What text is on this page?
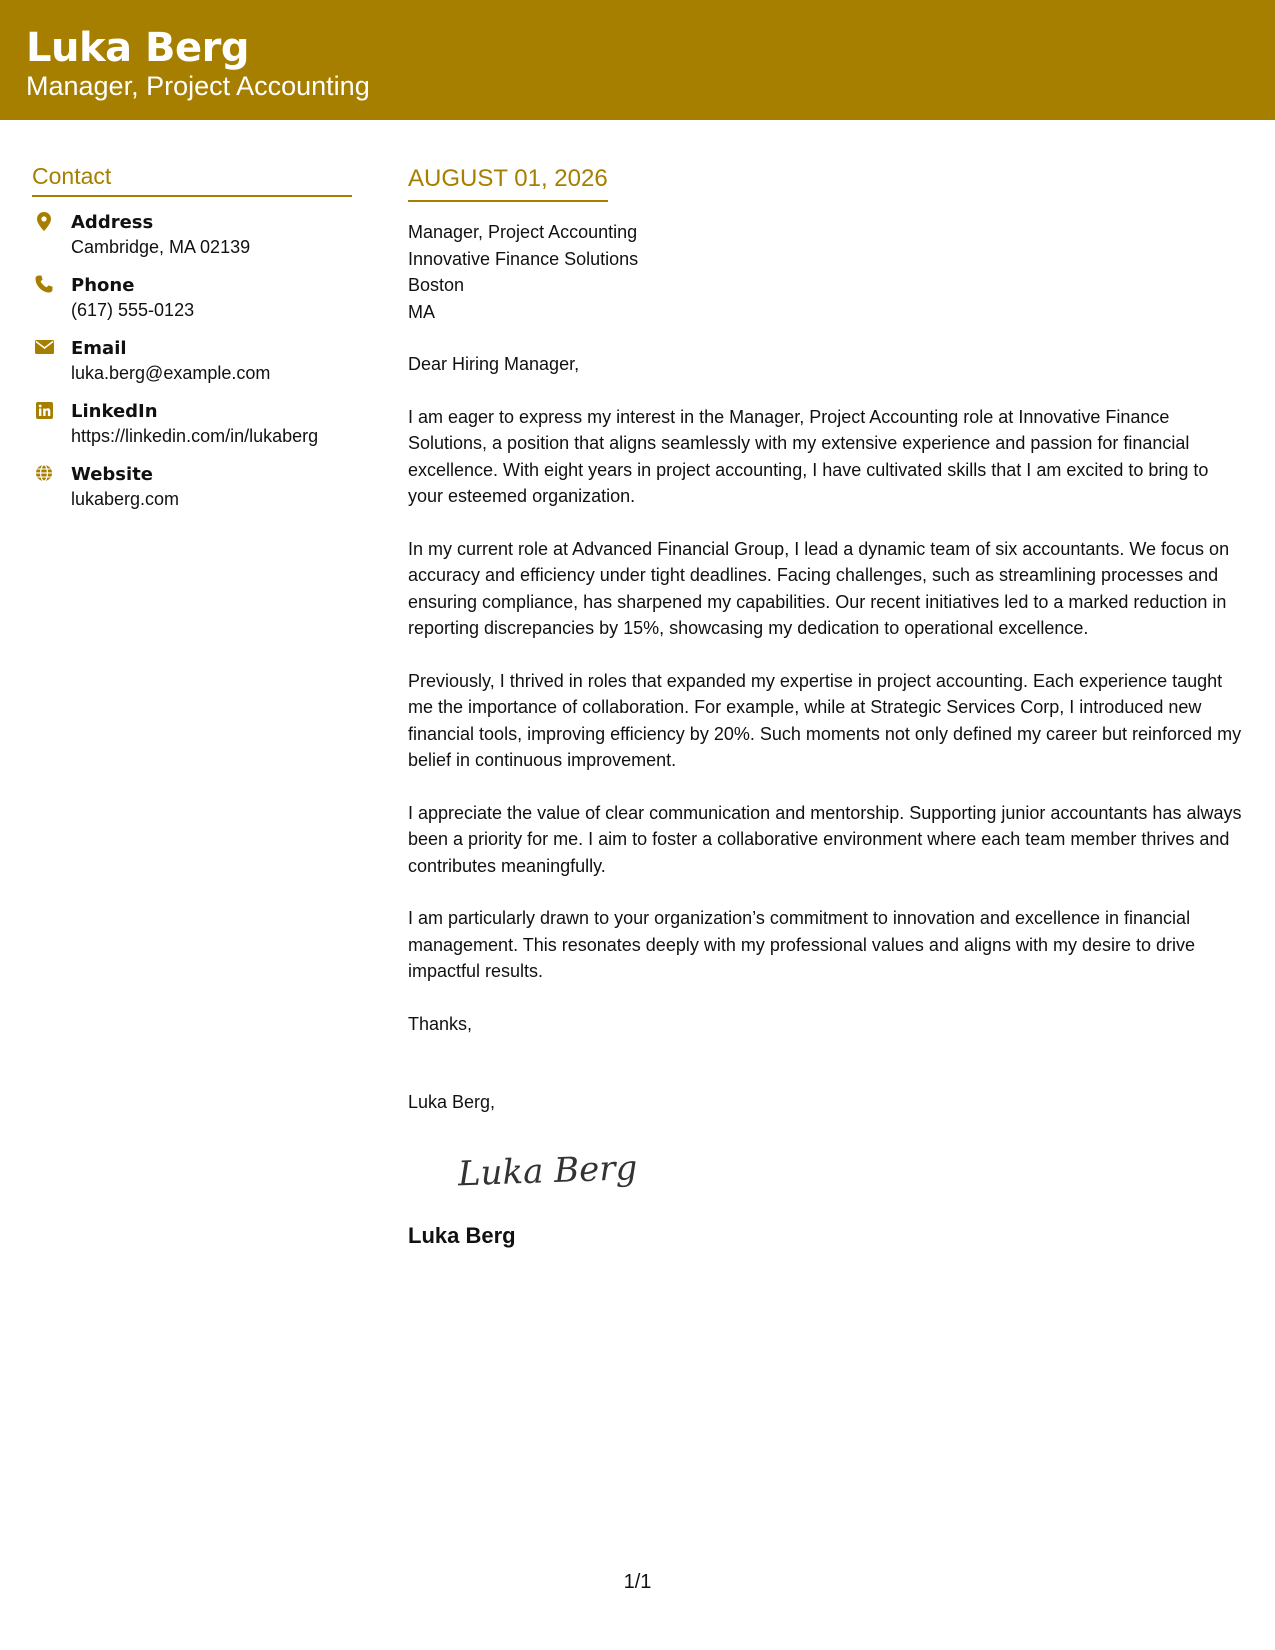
Luka Berg
Manager, Project Accounting
Contact
Address
Cambridge, MA 02139
Phone
(617) 555-0123
Email
luka.berg@example.com
LinkedIn
https://linkedin.com/in/lukaberg
Website
lukaberg.com
AUGUST 01, 2026
Manager, Project Accounting
Innovative Finance Solutions
Boston
MA
Dear Hiring Manager,
I am eager to express my interest in the Manager, Project Accounting role at Innovative Finance Solutions, a position that aligns seamlessly with my extensive experience and passion for financial excellence. With eight years in project accounting, I have cultivated skills that I am excited to bring to your esteemed organization.
In my current role at Advanced Financial Group, I lead a dynamic team of six accountants. We focus on accuracy and efficiency under tight deadlines. Facing challenges, such as streamlining processes and ensuring compliance, has sharpened my capabilities. Our recent initiatives led to a marked reduction in reporting discrepancies by 15%, showcasing my dedication to operational excellence.
Previously, I thrived in roles that expanded my expertise in project accounting. Each experience taught me the importance of collaboration. For example, while at Strategic Services Corp, I introduced new financial tools, improving efficiency by 20%. Such moments not only defined my career but reinforced my belief in continuous improvement.
I appreciate the value of clear communication and mentorship. Supporting junior accountants has always been a priority for me. I aim to foster a collaborative environment where each team member thrives and contributes meaningfully.
I am particularly drawn to your organization’s commitment to innovation and excellence in financial management. This resonates deeply with my professional values and aligns with my desire to drive impactful results.
Thanks,
Luka Berg,
Luka Berg
Luka Berg
1/1
